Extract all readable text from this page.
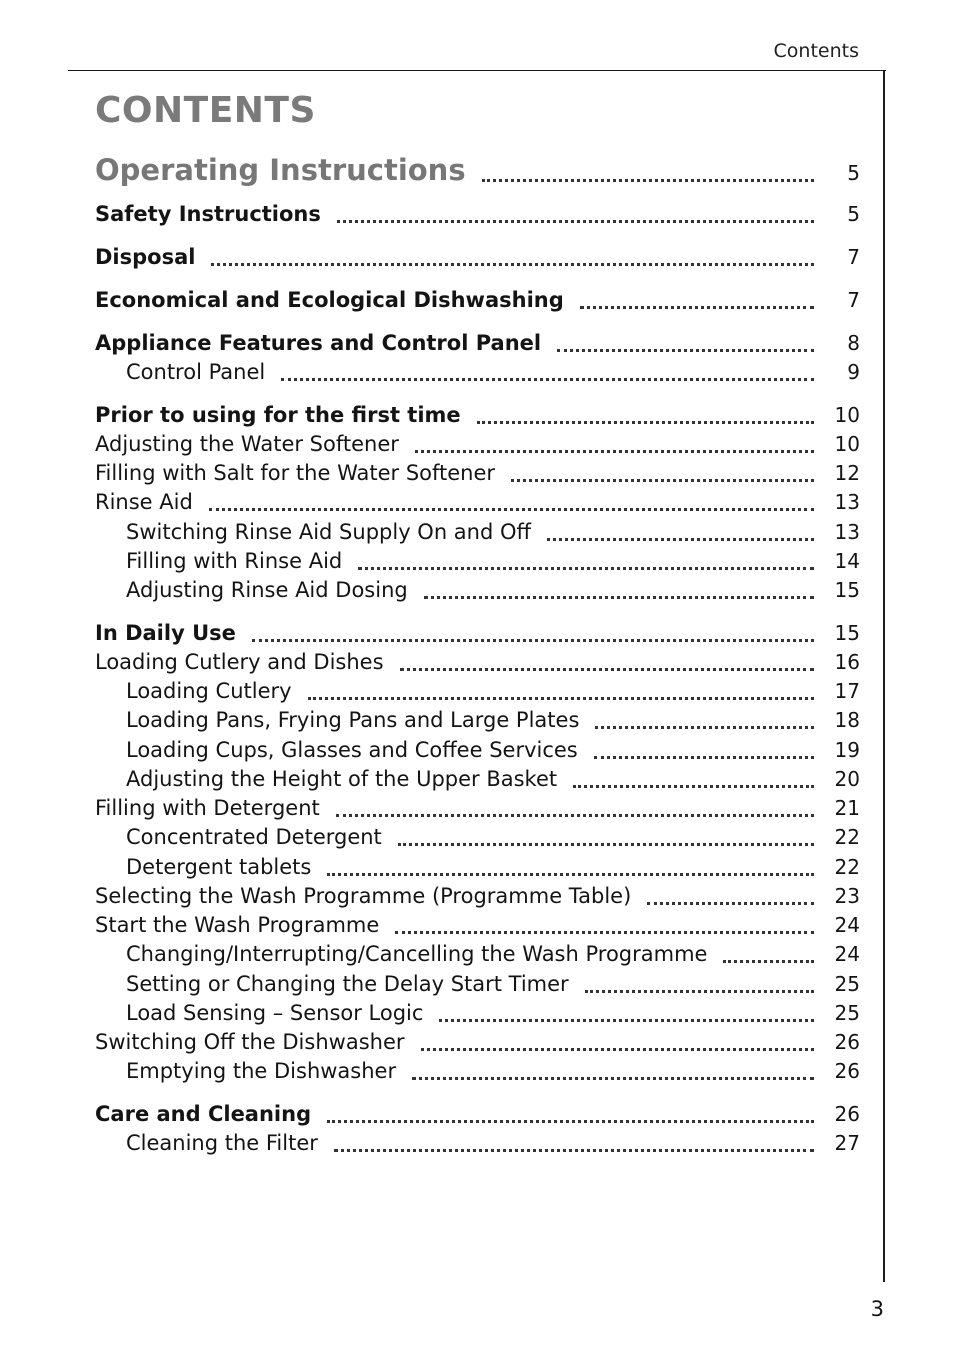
Contents
CONTENTS
Operating Instructions	5
Safety Instructions	5
Disposal	7
Economical and Ecological Dishwashing	7
Appliance Features and Control Panel	8
Control Panel	9
Prior to using for the first time	10
Adjusting the Water Softener	10
Filling with Salt for the Water Softener	12
Rinse Aid	13
Switching Rinse Aid Supply On and Off	13
Filling with Rinse Aid	14
Adjusting Rinse Aid Dosing	15
In Daily Use	15
Loading Cutlery and Dishes	16
Loading Cutlery	17
Loading Pans, Frying Pans and Large Plates	18
Loading Cups, Glasses and Coffee Services	19
Adjusting the Height of the Upper Basket	20
Filling with Detergent	21
Concentrated Detergent	22
Detergent tablets	22
Selecting the Wash Programme (Programme Table)	23
Start the Wash Programme	24
Changing/Interrupting/Cancelling the Wash Programme	24
Setting or Changing the Delay Start Timer	25
Load Sensing – Sensor Logic	25
Switching Off the Dishwasher	26
Emptying the Dishwasher	26
Care and Cleaning	26
Cleaning the Filter	27
3
